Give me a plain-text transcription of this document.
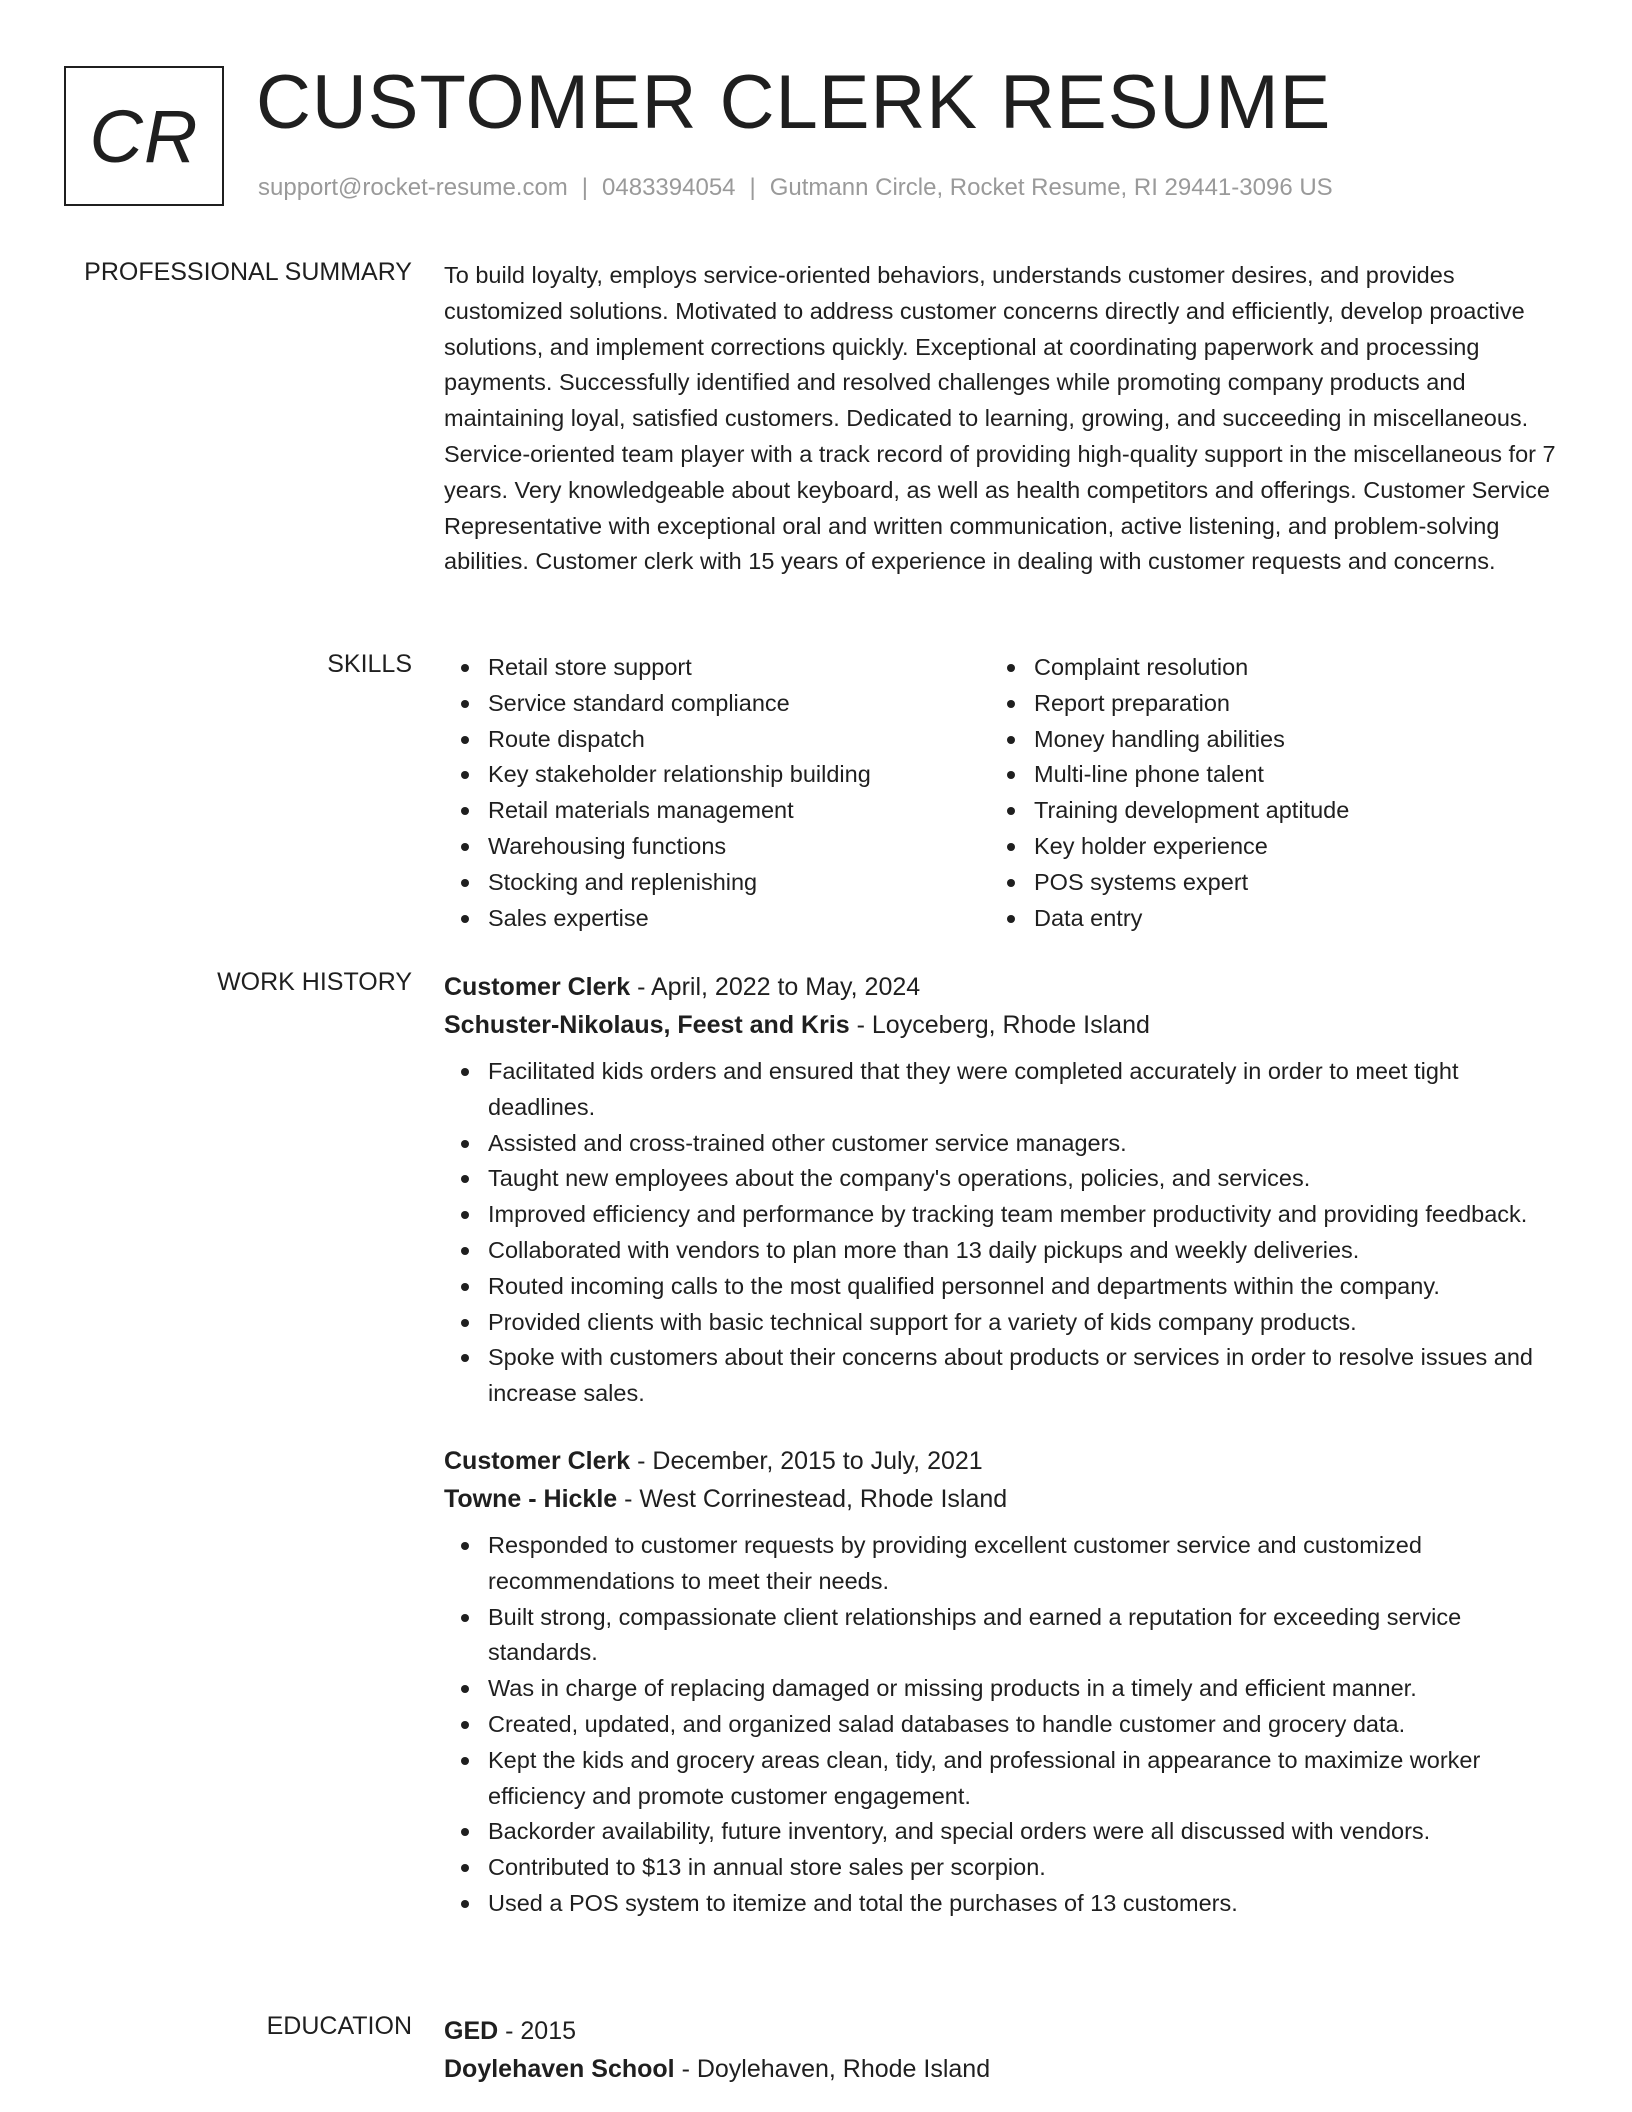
CR CUSTOMER CLERK RESUME
support@rocket-resume.com | 0483394054 | Gutmann Circle, Rocket Resume, RI 29441-3096 US
PROFESSIONAL SUMMARY To build loyalty, employs service-oriented behaviors, understands customer desires, and provides customized solutions. Motivated to address customer concerns directly and efficiently, develop proactive solutions, and implement corrections quickly. Exceptional at coordinating paperwork and processing payments. Successfully identified and resolved challenges while promoting company products and maintaining loyal, satisfied customers. Dedicated to learning, growing, and succeeding in miscellaneous. Service-oriented team player with a track record of providing high-quality support in the miscellaneous for 7 years. Very knowledgeable about keyboard, as well as health competitors and offerings. Customer Service Representative with exceptional oral and written communication, active listening, and problem-solving abilities. Customer clerk with 15 years of experience in dealing with customer requests and concerns.

SKILLS	Retail store support
Service standard compliance
Route dispatch
Key stakeholder relationship building
Retail materials management
Warehousing functions
Stocking and replenishing
Sales expertise
Complaint resolution
Report preparation
Money handling abilities
Multi-line phone talent
Training development aptitude
Key holder experience
POS systems expert
Data entry
WORK HISTORY Customer Clerk - April, 2022 to May, 2024
Schuster-Nikolaus, Feest and Kris - Loyceberg, Rhode Island
Facilitated kids orders and ensured that they were completed accurately in order to meet tight deadlines.
Assisted and cross-trained other customer service managers.
Taught new employees about the company's operations, policies, and services.
Improved efficiency and performance by tracking team member productivity and providing feedback.
Collaborated with vendors to plan more than 13 daily pickups and weekly deliveries.
Routed incoming calls to the most qualified personnel and departments within the company.
Provided clients with basic technical support for a variety of kids company products.
Spoke with customers about their concerns about products or services in order to resolve issues and increase sales.
Customer Clerk - December, 2015 to July, 2021
Towne - Hickle - West Corrinestead, Rhode Island
Responded to customer requests by providing excellent customer service and customized recommendations to meet their needs.
Built strong, compassionate client relationships and earned a reputation for exceeding service standards.
Was in charge of replacing damaged or missing products in a timely and efficient manner.
Created, updated, and organized salad databases to handle customer and grocery data.
Kept the kids and grocery areas clean, tidy, and professional in appearance to maximize worker efficiency and promote customer engagement.
Backorder availability, future inventory, and special orders were all discussed with vendors.
Contributed to $13 in annual store sales per scorpion.
Used a POS system to itemize and total the purchases of 13 customers.
EDUCATION GED - 2015
Doylehaven School - Doylehaven, Rhode Island
